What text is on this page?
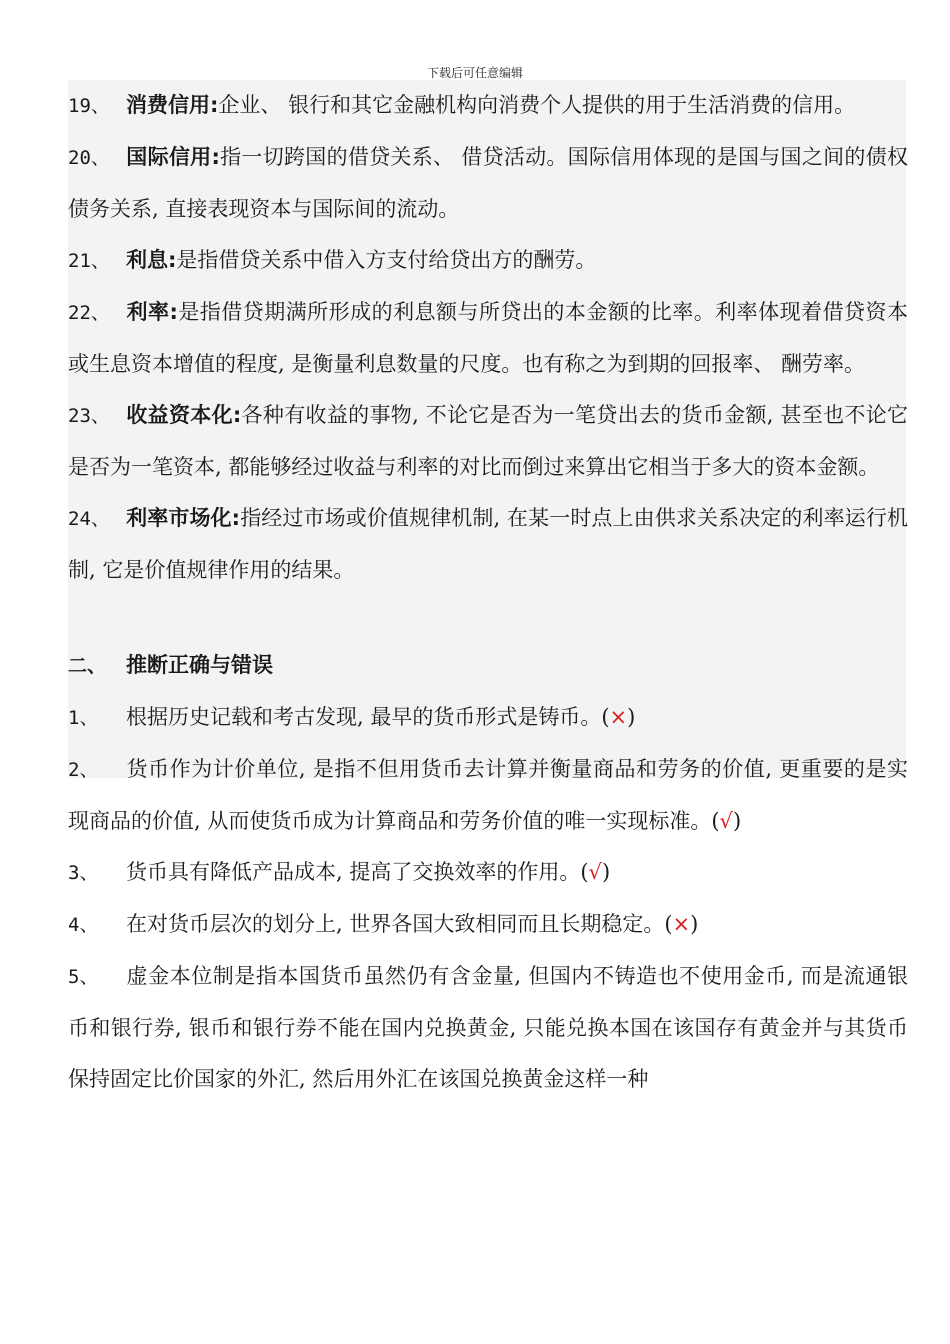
下载后可任意编辑

19、 消费信用:企业、 银行和其它金融机构向消费个人提供的用于生活消费的信用。

20、 国际信用:指一切跨国的借贷关系、 借贷活动。国际信用体现的是国与国之间的债权债务关系, 直接表现资本与国际间的流动。

21、 利息:是指借贷关系中借入方支付给贷出方的酬劳。

22、 利率:是指借贷期满所形成的利息额与所贷出的本金额的比率。利率体现着借贷资本或生息资本增值的程度, 是衡量利息数量的尺度。也有称之为到期的回报率、 酬劳率。

23、 收益资本化:各种有收益的事物, 不论它是否为一笔贷出去的货币金额, 甚至也不论它是否为一笔资本, 都能够经过收益与利率的对比而倒过来算出它相当于多大的资本金额。

24、 利率市场化:指经过市场或价值规律机制, 在某一时点上由供求关系决定的利率运行机制, 它是价值规律作用的结果。

二、 推断正确与错误

1、 根据历史记载和考古发现, 最早的货币形式是铸币。(×)

2、 货币作为计价单位, 是指不但用货币去计算并衡量商品和劳务的价值, 更重要的是实 现商品的价值, 从而使货币成为计算商品和劳务价值的唯一实现标准。(√)

3、 货币具有降低产品成本, 提高了交换效率的作用。(√)

4、 在对货币层次的划分上, 世界各国大致相同而且长期稳定。(×)

5、 虚金本位制是指本国货币虽然仍有含金量, 但国内不铸造也不使用金币, 而是流通银币和银行券, 银币和银行券不能在国内兑换黄金, 只能兑换本国在该国存有黄金并与其货币保持固定比价国家的外汇, 然后用外汇在该国兑换黄金这样一种
